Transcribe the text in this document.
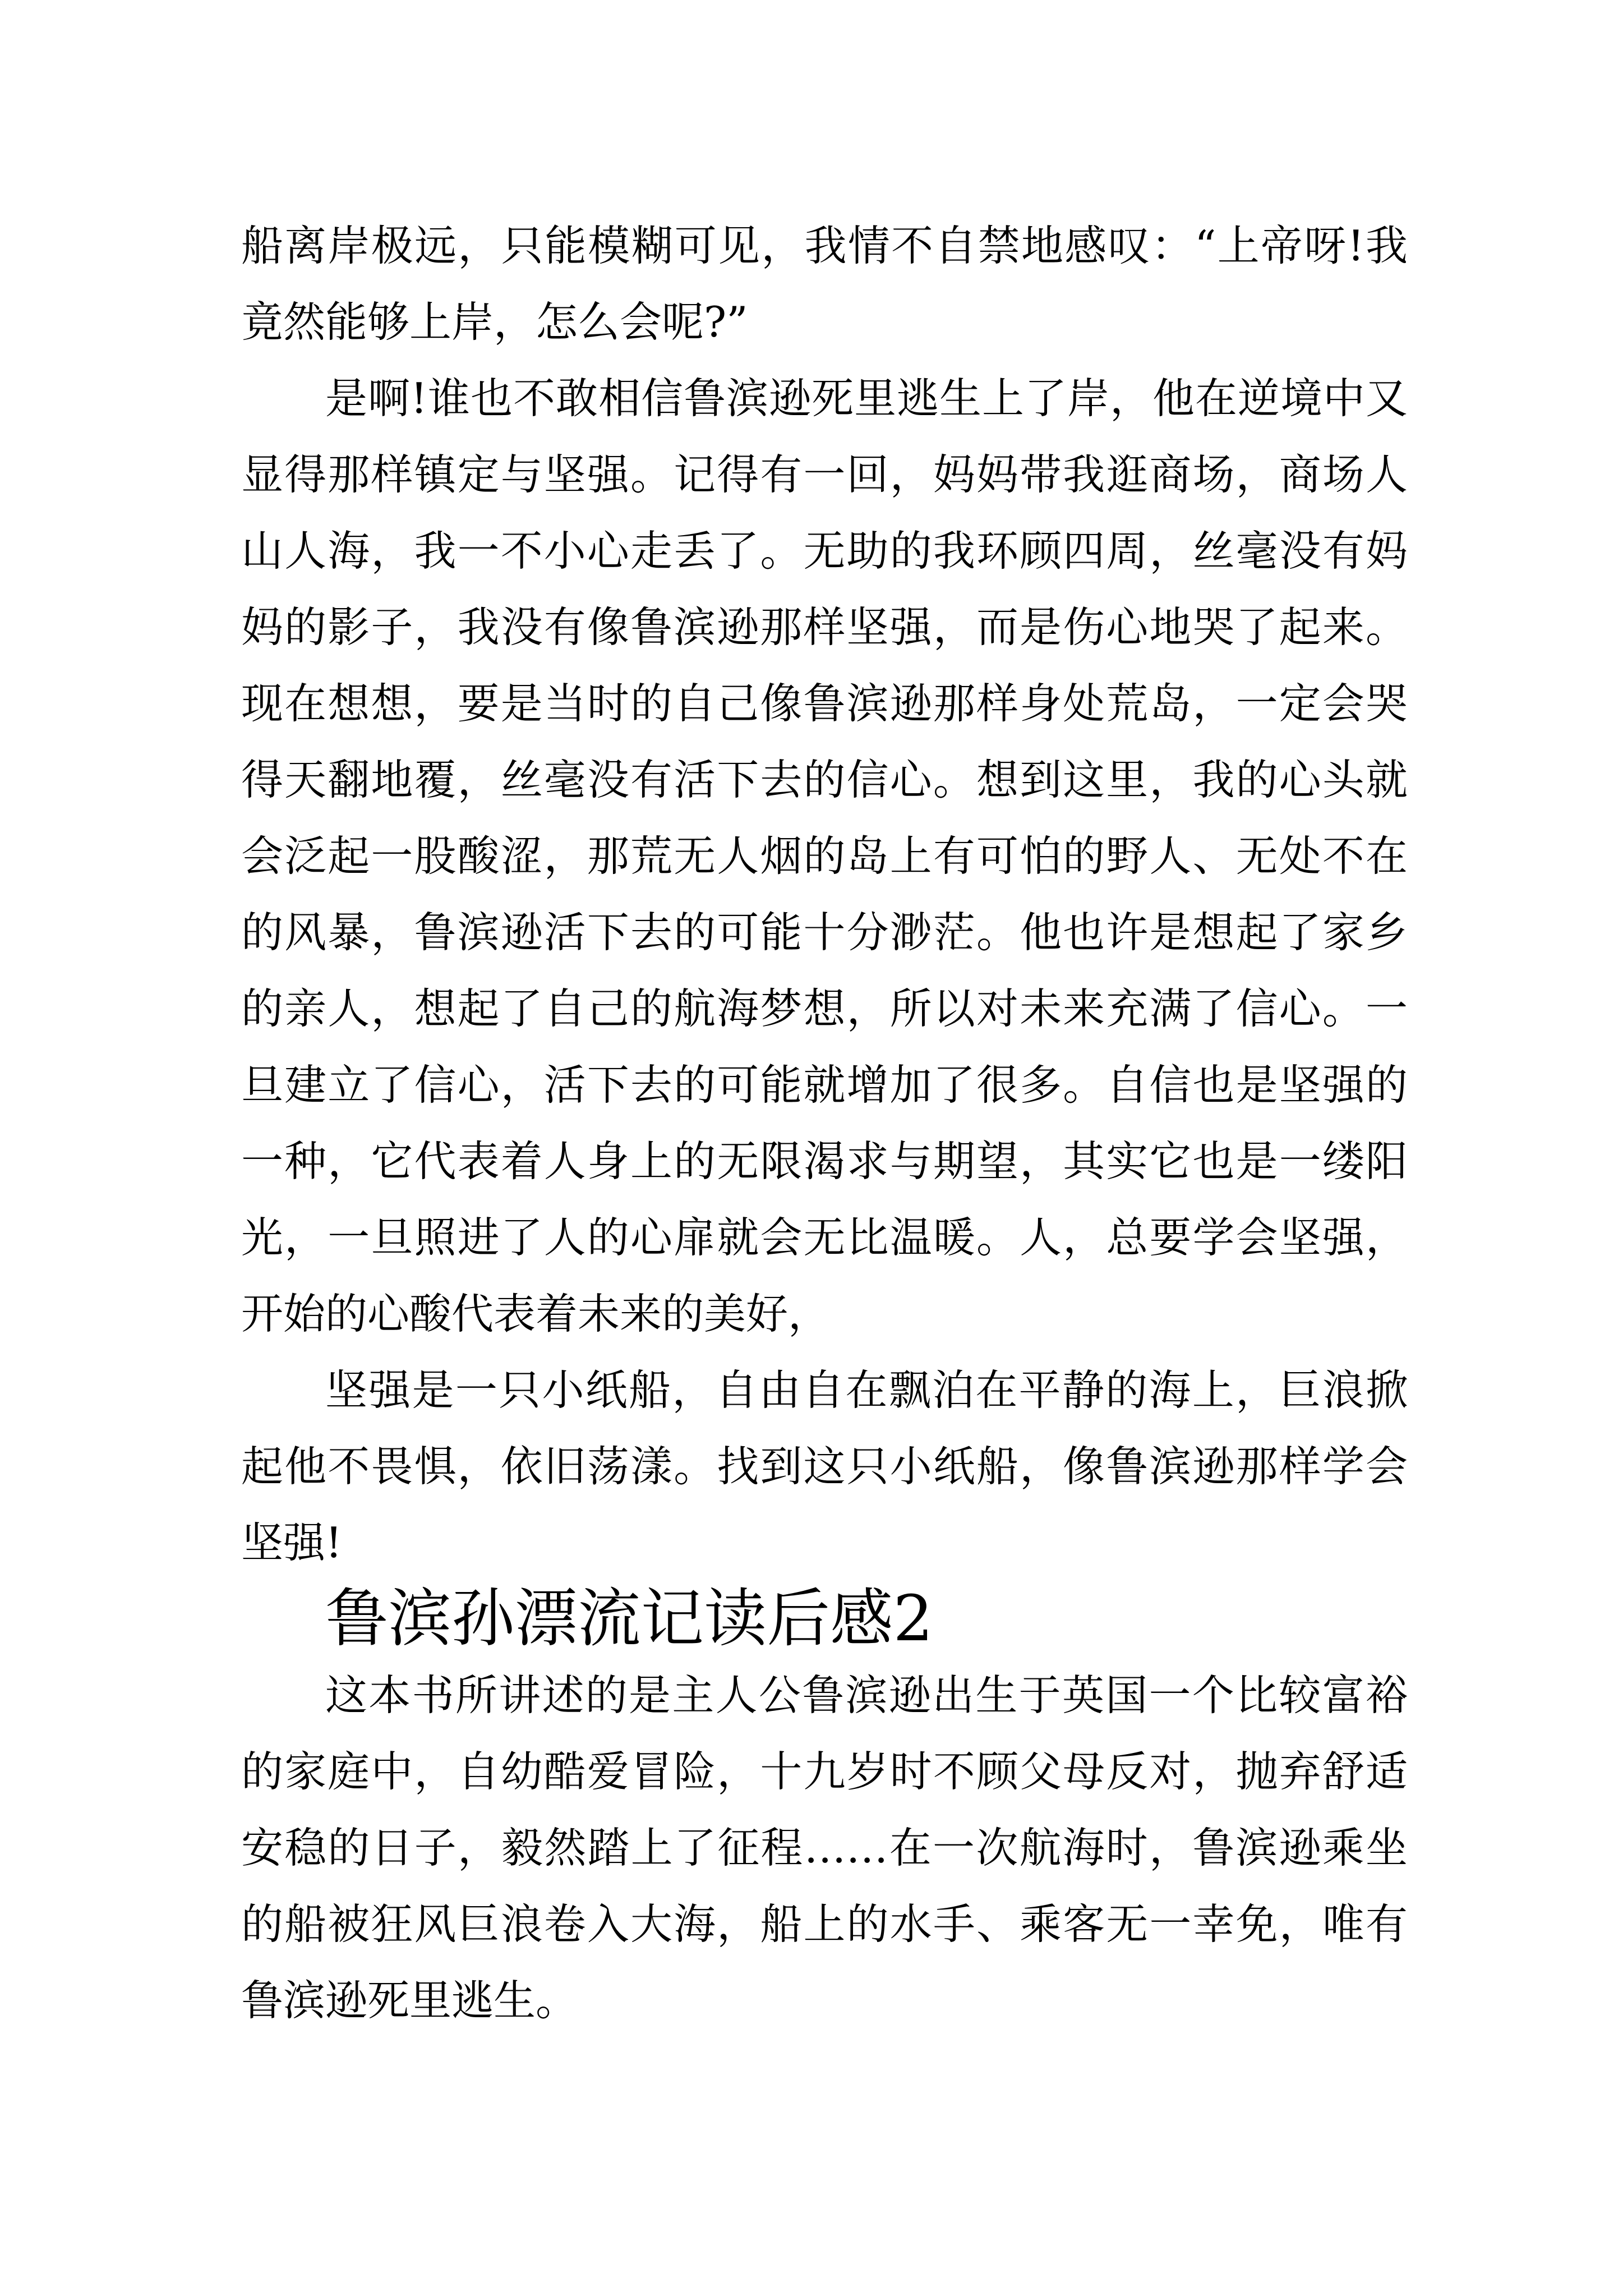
船离岸极远，只能模糊可见，我情不自禁地感叹：“上帝呀!我竟然能够上岸，怎么会呢?”

是啊!谁也不敢相信鲁滨逊死里逃生上了岸，他在逆境中又显得那样镇定与坚强。记得有一回，妈妈带我逛商场，商场人山人海，我一不小心走丢了。无助的我环顾四周，丝毫没有妈妈的影子，我没有像鲁滨逊那样坚强，而是伤心地哭了起来。现在想想，要是当时的自己像鲁滨逊那样身处荒岛，一定会哭得天翻地覆，丝毫没有活下去的信心。想到这里，我的心头就会泛起一股酸涩，那荒无人烟的岛上有可怕的野人、无处不在的风暴，鲁滨逊活下去的可能十分渺茫。他也许是想起了家乡的亲人，想起了自己的航海梦想，所以对未来充满了信心。一旦建立了信心，活下去的可能就增加了很多。自信也是坚强的一种，它代表着人身上的无限渴求与期望，其实它也是一缕阳光，一旦照进了人的心扉就会无比温暖。人，总要学会坚强，开始的心酸代表着未来的美好，

坚强是一只小纸船，自由自在飘泊在平静的海上，巨浪掀起他不畏惧，依旧荡漾。找到这只小纸船，像鲁滨逊那样学会坚强!

鲁滨孙漂流记读后感2

这本书所讲述的是主人公鲁滨逊出生于英国一个比较富裕的家庭中，自幼酷爱冒险，十九岁时不顾父母反对，抛弃舒适安稳的日子，毅然踏上了征程……在一次航海时，鲁滨逊乘坐的船被狂风巨浪卷入大海，船上的水手、乘客无一幸免，唯有鲁滨逊死里逃生。
